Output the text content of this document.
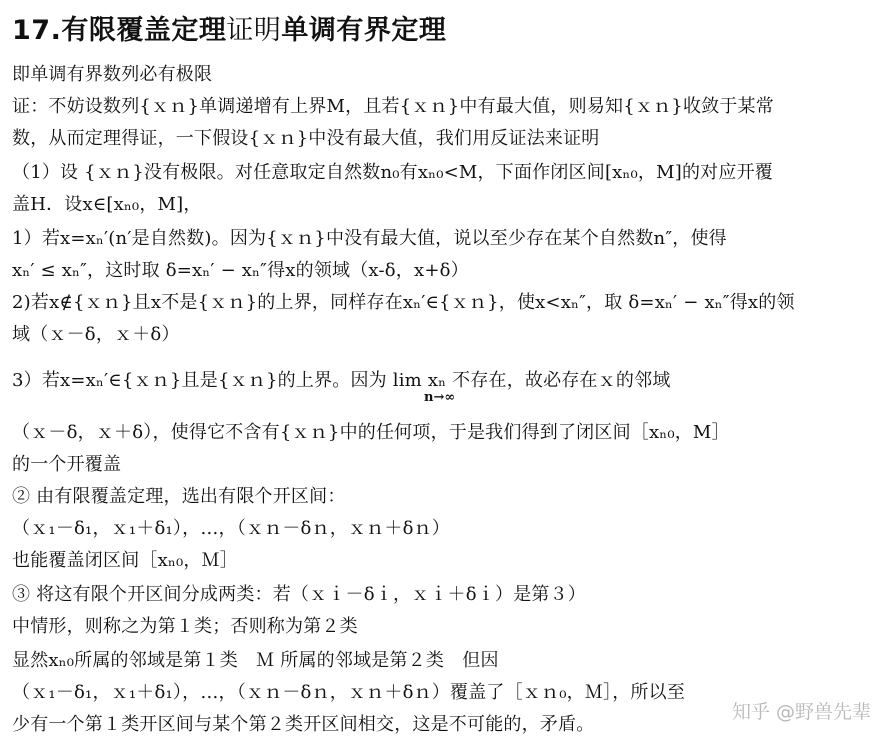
17.有限覆盖定理证明单调有界定理
即单调有界数列必有极限
证：不妨设数列{ｘｎ}单调递增有上界M，且若{ｘｎ}中有最大值，则易知{ｘｎ}收敛于某常
数，从而定理得证，一下假设{ｘｎ}中没有最大值，我们用反证法来证明
（1）设 {ｘｎ}没有极限。对任意取定自然数n₀有xₙ₀<M，下面作闭区间[xₙ₀，M]的对应开覆
盖H．设x∈[xₙ₀，M]，
1）若x=xₙ′(n′是自然数)。因为{ｘｎ}中没有最大值，说以至少存在某个自然数n″，使得
xₙ′ ≤ xₙ″，这时取 δ=xₙ′ − xₙ″得x的领域（x-δ，x+δ）
2)若x∉{ｘｎ}且x不是{ｘｎ}的上界，同样存在xₙ′∈{ｘｎ}，使x<xₙ″，取 δ=xₙ′ − xₙ″得x的领
域（ｘ－δ，ｘ＋δ）
3）若x=xₙ′∈{ｘｎ}且是{ｘｎ}的上界。因为 lim xₙ 不存在，故必存在ｘ的邻域
n→∞
（ｘ－δ，ｘ＋δ），使得它不含有{ｘｎ}中的任何项，于是我们得到了闭区间［xₙ₀，M］
的一个开覆盖
② 由有限覆盖定理，选出有限个开区间：
（ｘ₁－δ₁，ｘ₁＋δ₁），…，（ｘｎ－δｎ，ｘｎ＋δｎ）
也能覆盖闭区间［xₙ₀，Ｍ］
③ 将这有限个开区间分成两类：若（ｘｉ－δｉ，ｘｉ＋δｉ）是第３）
中情形，则称之为第１类；否则称为第２类
显然xₙ₀所属的邻域是第１类　Ｍ 所属的邻域是第２类　但因
（ｘ₁－δ₁，ｘ₁＋δ₁），…，（ｘｎ－δｎ，ｘｎ＋δｎ）覆盖了［ｘｎ₀，Ｍ］，所以至
少有一个第１类开区间与某个第２类开区间相交，这是不可能的，矛盾。
知乎 @野兽先辈
